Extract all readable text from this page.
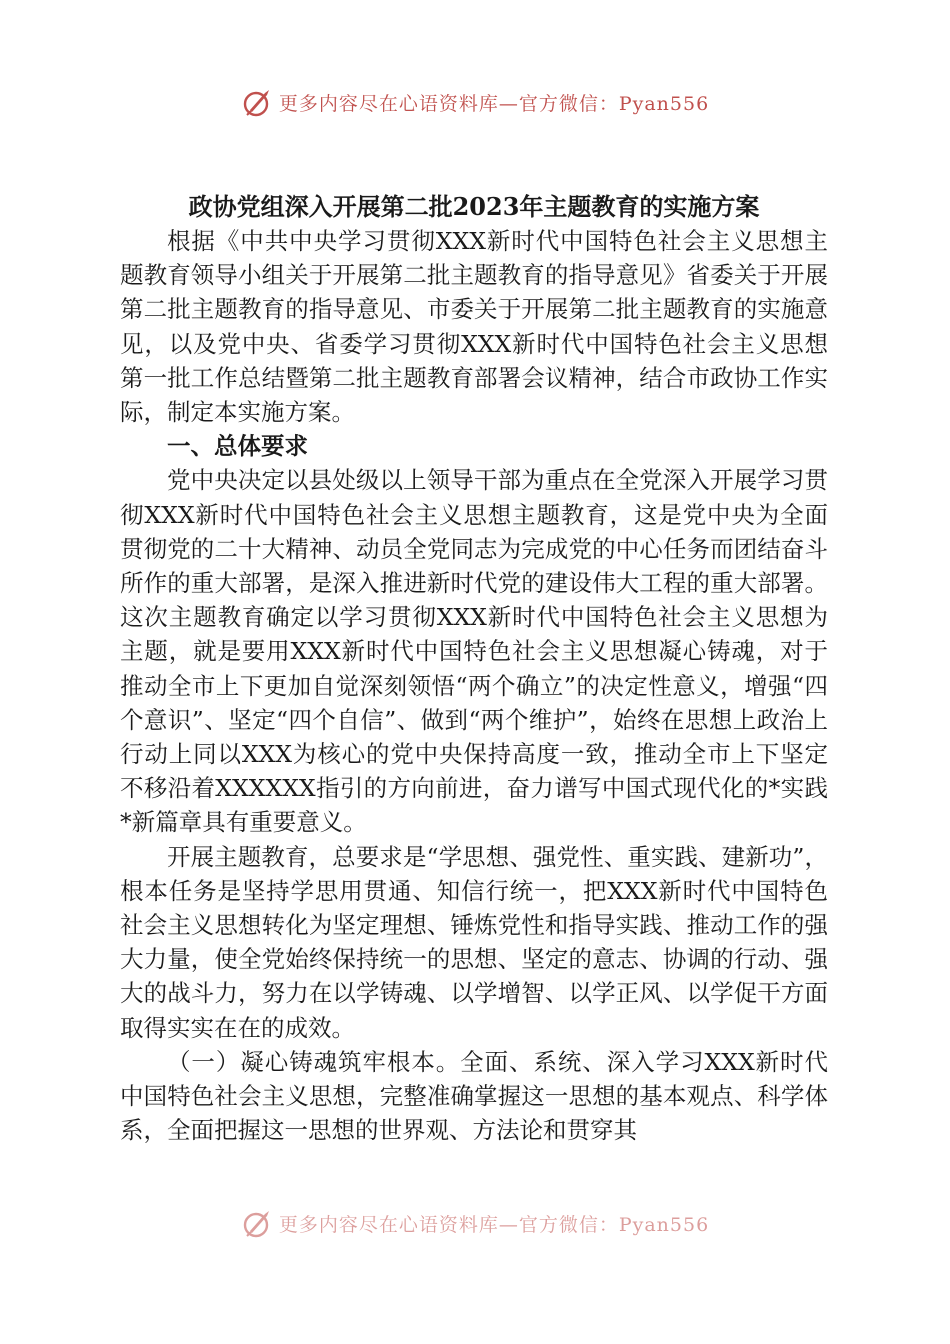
更多内容尽在心语资料库—官方微信：Pyan556

政协党组深入开展第二批2023年主题教育的实施方案

根据《中共中央学习贯彻XXX新时代中国特色社会主义思想主题教育领导小组关于开展第二批主题教育的指导意见》省委关于开展第二批主题教育的指导意见、市委关于开展第二批主题教育的实施意见，以及党中央、省委学习贯彻XXX新时代中国特色社会主义思想第一批工作总结暨第二批主题教育部署会议精神，结合市政协工作实际，制定本实施方案。

一、总体要求

党中央决定以县处级以上领导干部为重点在全党深入开展学习贯彻XXX新时代中国特色社会主义思想主题教育，这是党中央为全面贯彻党的二十大精神、动员全党同志为完成党的中心任务而团结奋斗所作的重大部署，是深入推进新时代党的建设伟大工程的重大部署。这次主题教育确定以学习贯彻XXX新时代中国特色社会主义思想为主题，就是要用XXX新时代中国特色社会主义思想凝心铸魂，对于推动全市上下更加自觉深刻领悟“两个确立”的决定性意义，增强“四个意识”、坚定“四个自信”、做到“两个维护”，始终在思想上政治上行动上同以XXX为核心的党中央保持高度一致，推动全市上下坚定不移沿着XXXXXX指引的方向前进，奋力谱写中国式现代化的*实践*新篇章具有重要意义。

开展主题教育，总要求是“学思想、强党性、重实践、建新功”，根本任务是坚持学思用贯通、知信行统一，把XXX新时代中国特色社会主义思想转化为坚定理想、锤炼党性和指导实践、推动工作的强大力量，使全党始终保持统一的思想、坚定的意志、协调的行动、强大的战斗力，努力在以学铸魂、以学增智、以学正风、以学促干方面取得实实在在的成效。

（一）凝心铸魂筑牢根本。全面、系统、深入学习XXX新时代中国特色社会主义思想，完整准确掌握这一思想的基本观点、科学体系，全面把握这一思想的世界观、方法论和贯穿其

更多内容尽在心语资料库—官方微信：Pyan556
